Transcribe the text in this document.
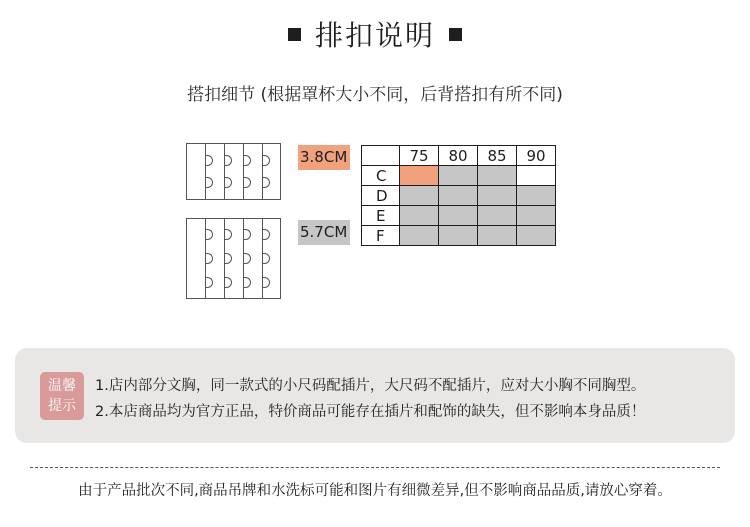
排扣说明
搭扣细节 (根据罩杯大小不同，后背搭扣有所不同)
3.8CM
5.7CM
	75	80	85	90
C				
D				
E				
F				
温馨
提示
1.店内部分文胸，同一款式的小尺码配插片，大尺码不配插片，应对大小胸不同胸型。
2.本店商品均为官方正品，特价商品可能存在插片和配饰的缺失，但不影响本身品质！
由于产品批次不同,商品吊牌和水洗标可能和图片有细微差异,但不影响商品品质,请放心穿着。
